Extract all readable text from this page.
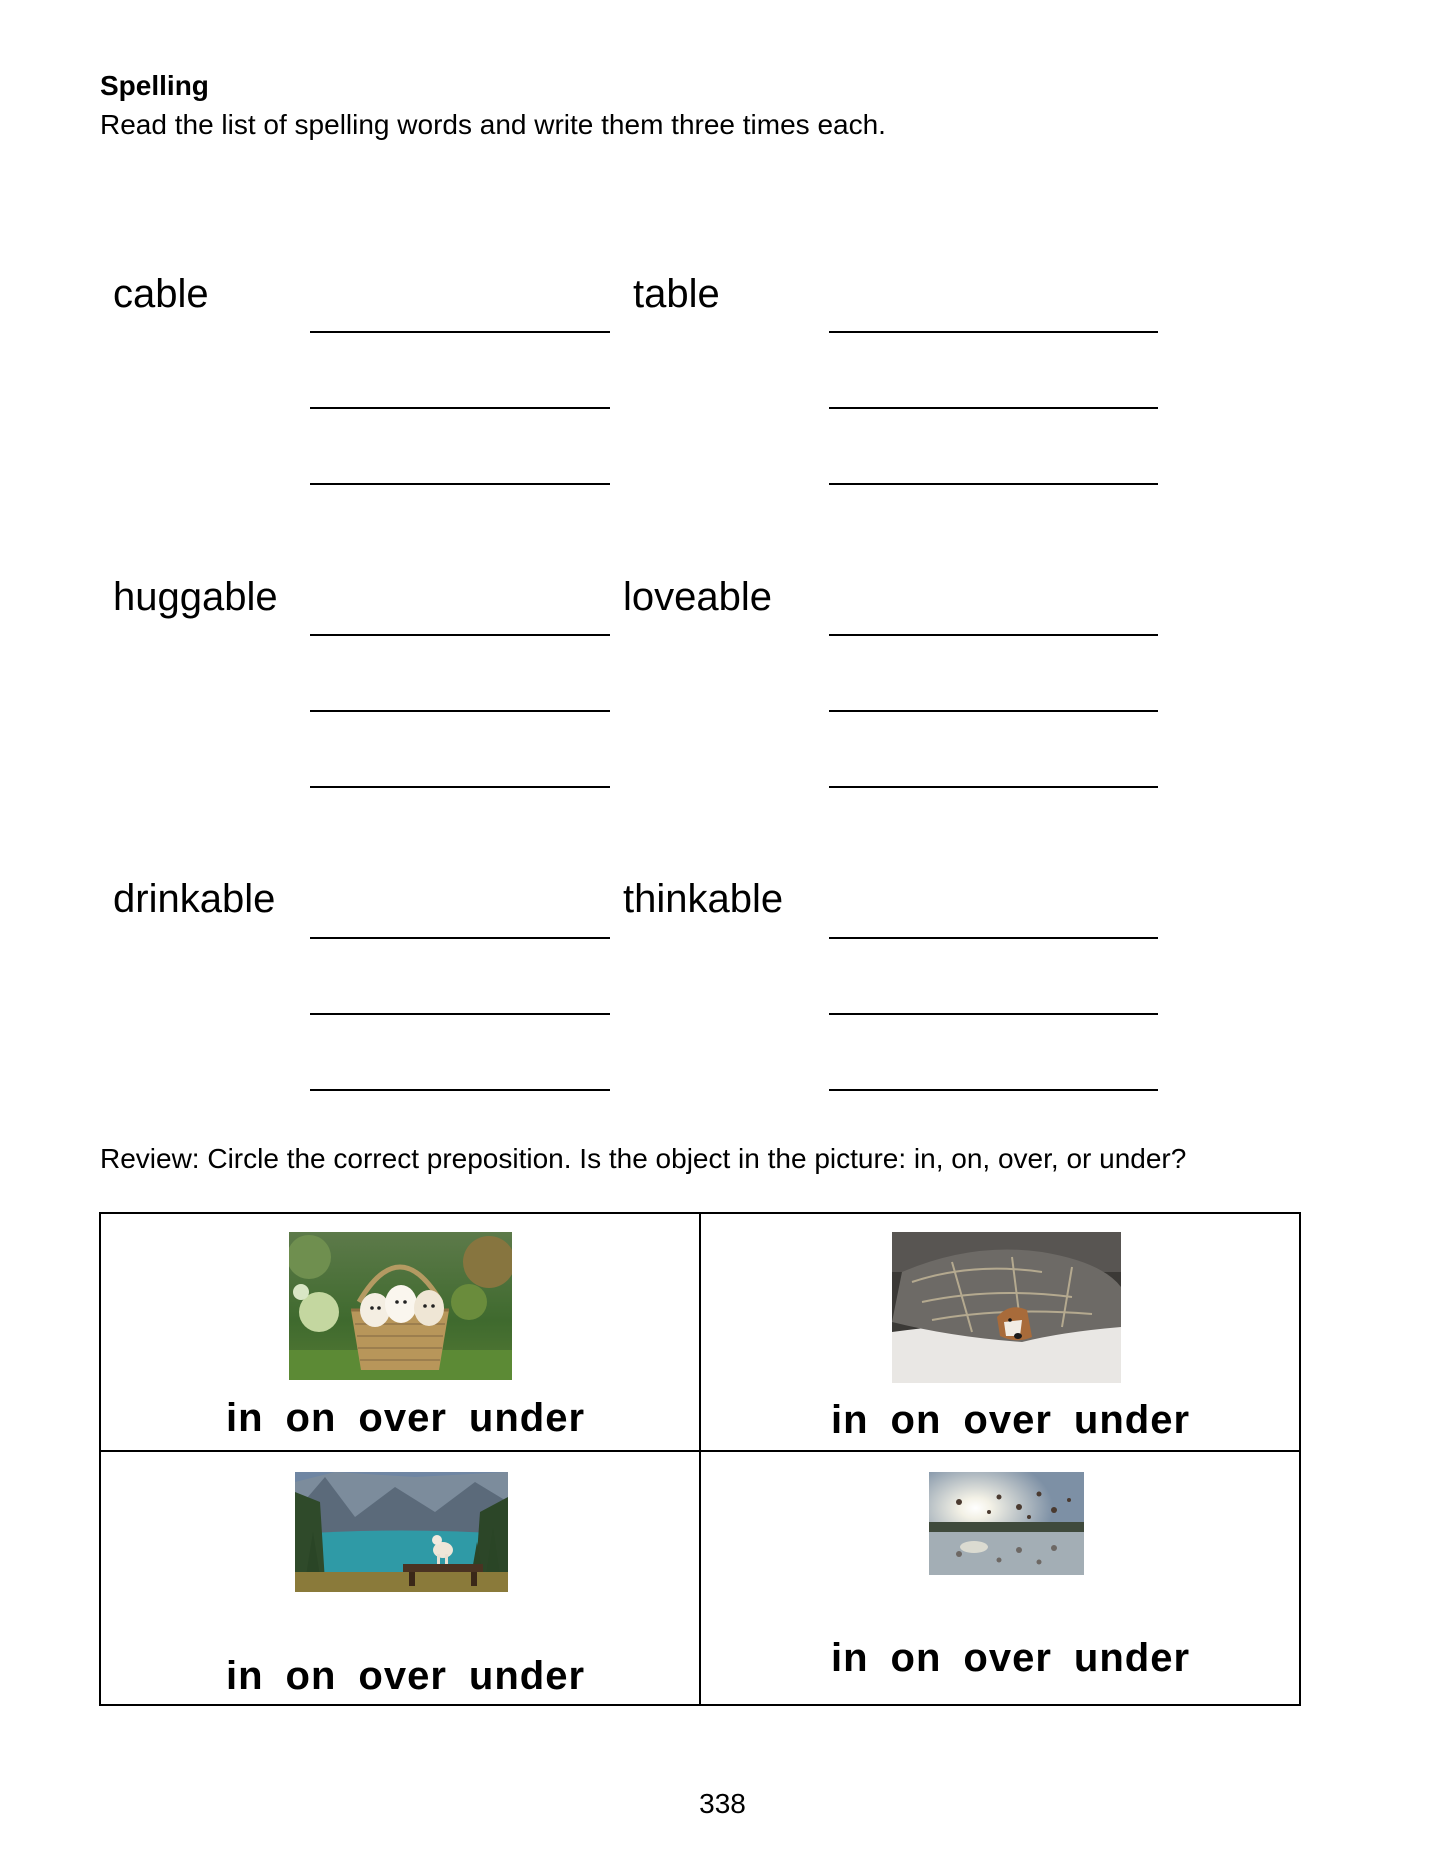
Spelling
Read the list of spelling words and write them three times each.
cable	table
huggable	loveable
drinkable	thinkable
Review: Circle the correct preposition. Is the object in the picture: in, on, over, or under?
in on over under	in on over under
in on over under	in on over under
338
